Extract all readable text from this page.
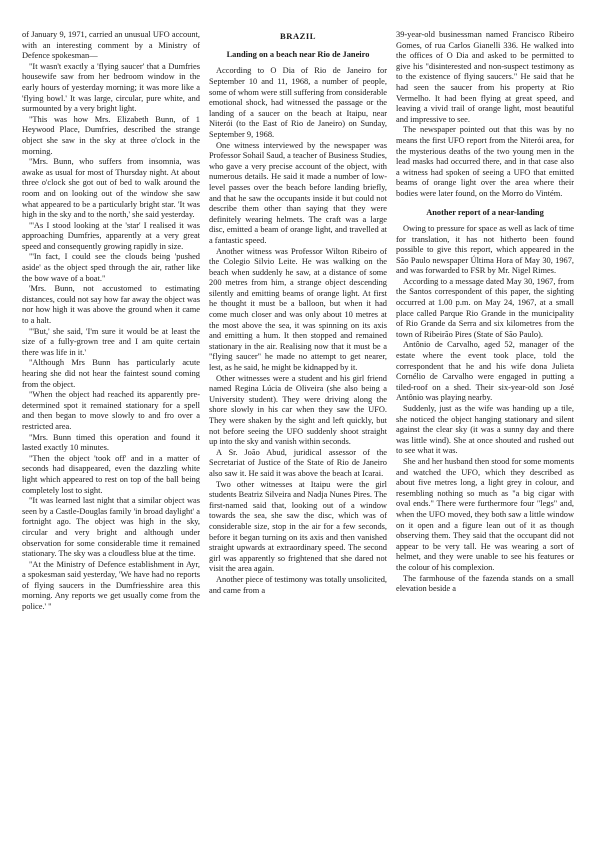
of January 9, 1971, carried an unusual UFO account, with an interesting comment by a Ministry of Defence spokesman—

"It wasn't exactly a 'flying saucer' that a Dumfries housewife saw from her bedroom window in the early hours of yesterday morning; it was more like a 'flying bowl.' It was large, circular, pure white, and surmounted by a very bright light.

"This was how Mrs. Elizabeth Bunn, of 1 Heywood Place, Dumfries, described the strange object she saw in the sky at three o'clock in the morning.

"Mrs. Bunn, who suffers from insomnia, was awake as usual for most of Thursday night. At about three o'clock she got out of bed to walk around the room and on looking out of the window she saw what appeared to be a particularly bright star. 'It was high in the sky and to the north,' she said yesterday.

"'As I stood looking at the 'star' I realised it was approaching Dumfries, apparently at a very great speed and consequently growing rapidly in size.

"'In fact, I could see the clouds being 'pushed aside' as the object sped through the air, rather like the bow wave of a boat."

'Mrs. Bunn, not accustomed to estimating distances, could not say how far away the object was nor how high it was above the ground when it came to a halt.

"'But,' she said, 'I'm sure it would be at least the size of a fully-grown tree and I am quite certain there was life in it.'

"Although Mrs Bunn has particularly acute hearing she did not hear the faintest sound coming from the object.

"When the object had reached its apparently pre-determined spot it remained stationary for a spell and then began to move slowly to and fro over a restricted area.

"Mrs. Bunn timed this operation and found it lasted exactly 10 minutes.

"Then the object 'took off' and in a matter of seconds had disappeared, even the dazzling white light which appeared to rest on top of the ball being completely lost to sight.

"It was learned last night that a similar object was seen by a Castle-Douglas family 'in broad daylight' a fortnight ago. The object was high in the sky, circular and very bright and although under observation for some considerable time it remained stationary. The sky was a cloudless blue at the time.

"At the Ministry of Defence establishment in Ayr, a spokesman said yesterday, 'We have had no reports of flying saucers in the Dumfriesshire area this morning. Any reports we get usually come from the police.' "

BRAZIL
Landing on a beach near Rio de Janeiro

According to O Dia of Rio de Janeiro for September 10 and 11, 1968, a number of people, some of whom were still suffering from considerable emotional shock, had witnessed the passage or the landing of a saucer on the beach at Itaipu, near Niterói (to the East of Rio de Janeiro) on Sunday, September 9, 1968.

One witness interviewed by the newspaper was Professor Sohail Saud, a teacher of Business Studies, who gave a very precise account of the object, with numerous details. He said it made a number of low-level passes over the beach before landing briefly, and that he saw the occupants inside it but could not describe them other than saying that they were definitely wearing helmets. The craft was a large disc, emitted a beam of orange light, and travelled at a fantastic speed.

Another witness was Professor Wilton Ribeiro of the Colegio Silvio Leite. He was walking on the beach when suddenly he saw, at a distance of some 200 metres from him, a strange object descending silently and emitting beams of orange light. At first he thought it must be a balloon, but when it had come much closer and was only about 10 metres at the most above the sea, it was spinning on its axis and emitting a hum. It then stopped and remained stationary in the air. Realising now that it must be a "flying saucer" he made no attempt to get nearer, lest, as he said, he might be kidnapped by it.

Other witnesses were a student and his girl friend named Regina Lúcia de Oliveira (she also being a University student). They were driving along the shore slowly in his car when they saw the UFO. They were shaken by the sight and left quickly, but not before seeing the UFO suddenly shoot straight up into the sky and vanish within seconds.

A Sr. João Abud, juridical assessor of the Secretariat of Justice of the State of Rio de Janeiro also saw it. He said it was above the beach at Icarai.

Two other witnesses at Itaipu were the girl students Beatriz Silveira and Nadja Nunes Pires. The first-named said that, looking out of a window towards the sea, she saw the disc, which was of considerable size, stop in the air for a few seconds, before it began turning on its axis and then vanished straight upwards at extraordinary speed. The second girl was apparently so frightened that she dared not visit the area again.

Another piece of testimony was totally unsolicited, and came from a

39-year-old businessman named Francisco Ribeiro Gomes, of rua Carlos Gianelli 336. He walked into the offices of O Dia and asked to be permitted to give his "disinterested and non-suspect testimony as to the existence of flying saucers." He said that he had seen the saucer from his property at Rio Vermelho. It had been flying at great speed, and leaving a vivid trail of orange light, most beautiful and impressive to see.

The newspaper pointed out that this was by no means the first UFO report from the Niterói area, for the mysterious deaths of the two young men in the lead masks had occurred there, and in that case also a witness had spoken of seeing a UFO that emitted beams of orange light over the area where their bodies were later found, on the Morro do Vintém.

Another report of a near-landing

Owing to pressure for space as well as lack of time for translation, it has not hitherto been found possible to give this report, which appeared in the São Paulo newspaper Última Hora of May 30, 1967, and was forwarded to FSR by Mr. Nigel Rimes.

According to a message dated May 30, 1967, from the Santos correspondent of this paper, the sighting occurred at 1.00 p.m. on May 24, 1967, at a small place called Parque Rio Grande in the municipality of Rio Grande da Serra and six kilometres from the town of Ribeirão Pires (State of São Paulo).

Antônio de Carvalho, aged 52, manager of the estate where the event took place, told the correspondent that he and his wife dona Julieta Cornélio de Carvalho were engaged in putting a tiled-roof on a shed. Their six-year-old son José Antônio was playing nearby.

Suddenly, just as the wife was handing up a tile, she noticed the object hanging stationary and silent against the clear sky (it was a sunny day and there was little wind). She at once shouted and rushed out to see what it was.

She and her husband then stood for some moments and watched the UFO, which they described as about five metres long, a light grey in colour, and resembling nothing so much as "a big cigar with oval ends." There were furthermore four "legs" and, when the UFO moved, they both saw a little window on it open and a figure lean out of it as though observing them. They said that the occupant did not appear to be very tall. He was wearing a sort of helmet, and they were unable to see his features or the colour of his complexion.

The farmhouse of the fazenda stands on a small elevation beside a
